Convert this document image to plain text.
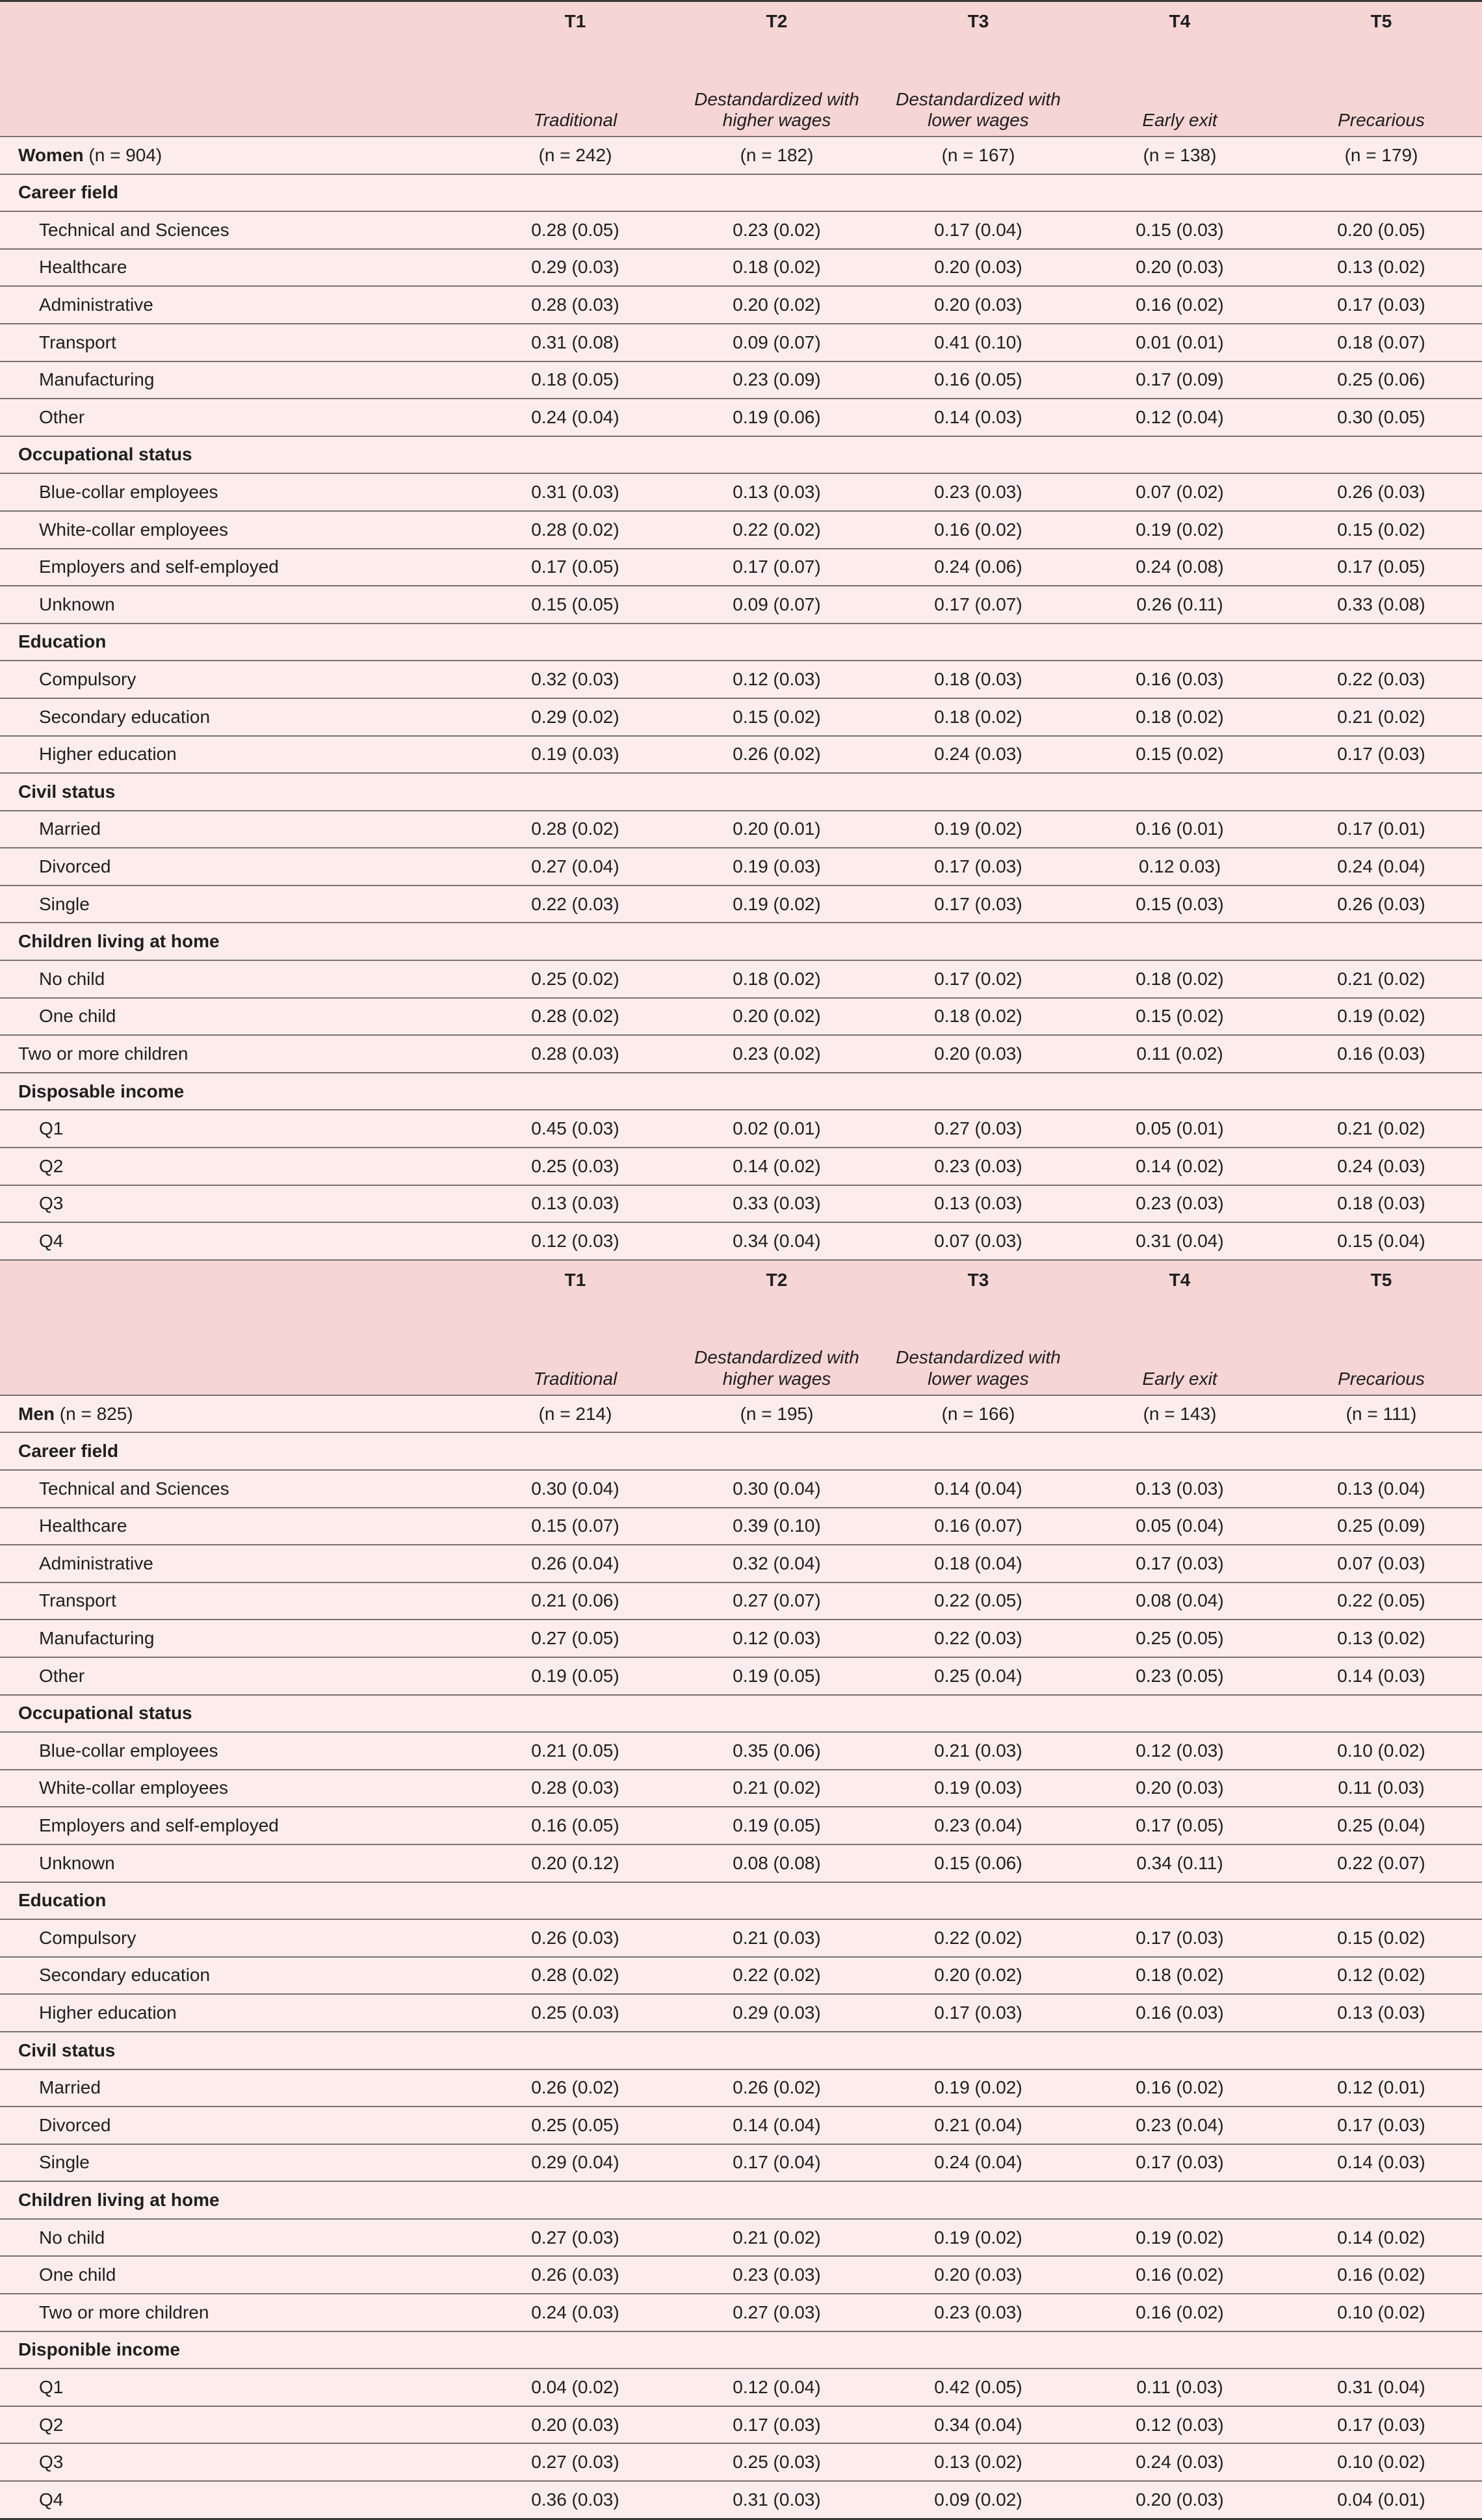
	T1	T2	T3	T4	T5
	Traditional	Destandardized with higher wages	Destandardized with lower wages	Early exit	Precarious
Women (n = 904)	(n = 242)	(n = 182)	(n = 167)	(n = 138)	(n = 179)
Career field					
Technical and Sciences	0.28 (0.05)	0.23 (0.02)	0.17 (0.04)	0.15 (0.03)	0.20 (0.05)
Healthcare	0.29 (0.03)	0.18 (0.02)	0.20 (0.03)	0.20 (0.03)	0.13 (0.02)
Administrative	0.28 (0.03)	0.20 (0.02)	0.20 (0.03)	0.16 (0.02)	0.17 (0.03)
Transport	0.31 (0.08)	0.09 (0.07)	0.41 (0.10)	0.01 (0.01)	0.18 (0.07)
Manufacturing	0.18 (0.05)	0.23 (0.09)	0.16 (0.05)	0.17 (0.09)	0.25 (0.06)
Other	0.24 (0.04)	0.19 (0.06)	0.14 (0.03)	0.12 (0.04)	0.30 (0.05)
Occupational status					
Blue-collar employees	0.31 (0.03)	0.13 (0.03)	0.23 (0.03)	0.07 (0.02)	0.26 (0.03)
White-collar employees	0.28 (0.02)	0.22 (0.02)	0.16 (0.02)	0.19 (0.02)	0.15 (0.02)
Employers and self-employed	0.17 (0.05)	0.17 (0.07)	0.24 (0.06)	0.24 (0.08)	0.17 (0.05)
Unknown	0.15 (0.05)	0.09 (0.07)	0.17 (0.07)	0.26 (0.11)	0.33 (0.08)
Education					
Compulsory	0.32 (0.03)	0.12 (0.03)	0.18 (0.03)	0.16 (0.03)	0.22 (0.03)
Secondary education	0.29 (0.02)	0.15 (0.02)	0.18 (0.02)	0.18 (0.02)	0.21 (0.02)
Higher education	0.19 (0.03)	0.26 (0.02)	0.24 (0.03)	0.15 (0.02)	0.17 (0.03)
Civil status					
Married	0.28 (0.02)	0.20 (0.01)	0.19 (0.02)	0.16 (0.01)	0.17 (0.01)
Divorced	0.27 (0.04)	0.19 (0.03)	0.17 (0.03)	0.12 0.03)	0.24 (0.04)
Single	0.22 (0.03)	0.19 (0.02)	0.17 (0.03)	0.15 (0.03)	0.26 (0.03)
Children living at home					
No child	0.25 (0.02)	0.18 (0.02)	0.17 (0.02)	0.18 (0.02)	0.21 (0.02)
One child	0.28 (0.02)	0.20 (0.02)	0.18 (0.02)	0.15 (0.02)	0.19 (0.02)
Two or more children	0.28 (0.03)	0.23 (0.02)	0.20 (0.03)	0.11 (0.02)	0.16 (0.03)
Disposable income					
Q1	0.45 (0.03)	0.02 (0.01)	0.27 (0.03)	0.05 (0.01)	0.21 (0.02)
Q2	0.25 (0.03)	0.14 (0.02)	0.23 (0.03)	0.14 (0.02)	0.24 (0.03)
Q3	0.13 (0.03)	0.33 (0.03)	0.13 (0.03)	0.23 (0.03)	0.18 (0.03)
Q4	0.12 (0.03)	0.34 (0.04)	0.07 (0.03)	0.31 (0.04)	0.15 (0.04)
	T1	T2	T3	T4	T5
	Traditional	Destandardized with higher wages	Destandardized with lower wages	Early exit	Precarious
Men (n = 825)	(n = 214)	(n = 195)	(n = 166)	(n = 143)	(n = 111)
Career field					
Technical and Sciences	0.30 (0.04)	0.30 (0.04)	0.14 (0.04)	0.13 (0.03)	0.13 (0.04)
Healthcare	0.15 (0.07)	0.39 (0.10)	0.16 (0.07)	0.05 (0.04)	0.25 (0.09)
Administrative	0.26 (0.04)	0.32 (0.04)	0.18 (0.04)	0.17 (0.03)	0.07 (0.03)
Transport	0.21 (0.06)	0.27 (0.07)	0.22 (0.05)	0.08 (0.04)	0.22 (0.05)
Manufacturing	0.27 (0.05)	0.12 (0.03)	0.22 (0.03)	0.25 (0.05)	0.13 (0.02)
Other	0.19 (0.05)	0.19 (0.05)	0.25 (0.04)	0.23 (0.05)	0.14 (0.03)
Occupational status					
Blue-collar employees	0.21 (0.05)	0.35 (0.06)	0.21 (0.03)	0.12 (0.03)	0.10 (0.02)
White-collar employees	0.28 (0.03)	0.21 (0.02)	0.19 (0.03)	0.20 (0.03)	0.11 (0.03)
Employers and self-employed	0.16 (0.05)	0.19 (0.05)	0.23 (0.04)	0.17 (0.05)	0.25 (0.04)
Unknown	0.20 (0.12)	0.08 (0.08)	0.15 (0.06)	0.34 (0.11)	0.22 (0.07)
Education					
Compulsory	0.26 (0.03)	0.21 (0.03)	0.22 (0.02)	0.17 (0.03)	0.15 (0.02)
Secondary education	0.28 (0.02)	0.22 (0.02)	0.20 (0.02)	0.18 (0.02)	0.12 (0.02)
Higher education	0.25 (0.03)	0.29 (0.03)	0.17 (0.03)	0.16 (0.03)	0.13 (0.03)
Civil status					
Married	0.26 (0.02)	0.26 (0.02)	0.19 (0.02)	0.16 (0.02)	0.12 (0.01)
Divorced	0.25 (0.05)	0.14 (0.04)	0.21 (0.04)	0.23 (0.04)	0.17 (0.03)
Single	0.29 (0.04)	0.17 (0.04)	0.24 (0.04)	0.17 (0.03)	0.14 (0.03)
Children living at home					
No child	0.27 (0.03)	0.21 (0.02)	0.19 (0.02)	0.19 (0.02)	0.14 (0.02)
One child	0.26 (0.03)	0.23 (0.03)	0.20 (0.03)	0.16 (0.02)	0.16 (0.02)
Two or more children	0.24 (0.03)	0.27 (0.03)	0.23 (0.03)	0.16 (0.02)	0.10 (0.02)
Disponible income					
Q1	0.04 (0.02)	0.12 (0.04)	0.42 (0.05)	0.11 (0.03)	0.31 (0.04)
Q2	0.20 (0.03)	0.17 (0.03)	0.34 (0.04)	0.12 (0.03)	0.17 (0.03)
Q3	0.27 (0.03)	0.25 (0.03)	0.13 (0.02)	0.24 (0.03)	0.10 (0.02)
Q4	0.36 (0.03)	0.31 (0.03)	0.09 (0.02)	0.20 (0.03)	0.04 (0.01)
